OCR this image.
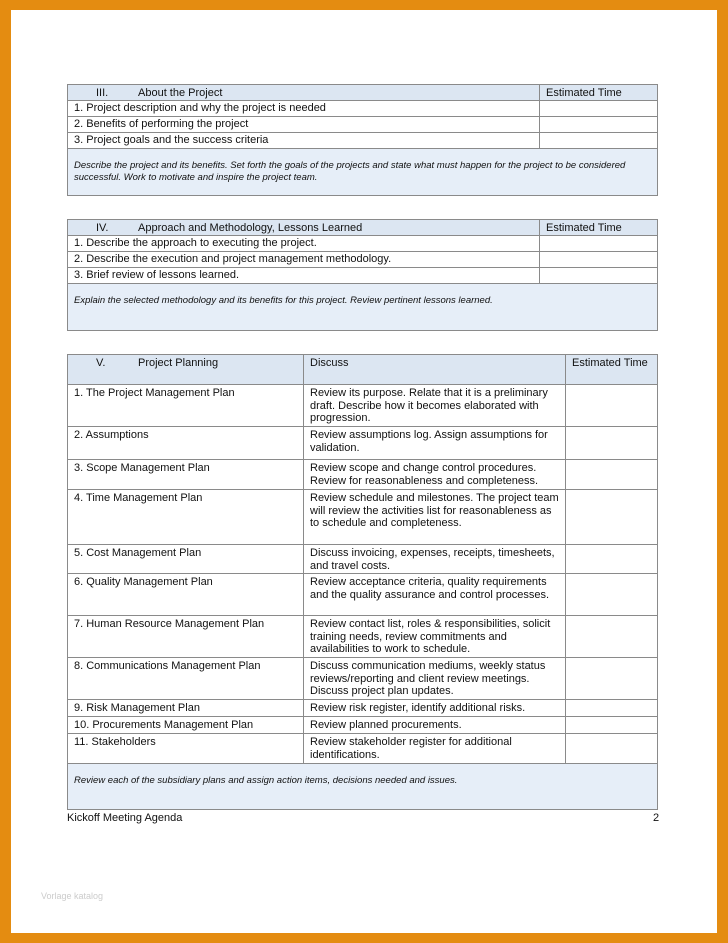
III. About the Project	Estimated Time
1. Project description and why the project is needed	
2. Benefits of performing the project	
3. Project goals and the success criteria	
Describe the project and its benefits. Set forth the goals of the projects and state what must happen for the project to be considered successful. Work to motivate and inspire the project team.	
IV. Approach and Methodology, Lessons Learned	Estimated Time
1. Describe the approach to executing the project.	
2. Describe the execution and project management methodology.	
3. Brief review of lessons learned.	
Explain the selected methodology and its benefits for this project. Review pertinent lessons learned.	
V. Project Planning	Discuss	Estimated Time
1. The Project Management Plan	Review its purpose. Relate that it is a preliminary draft. Describe how it becomes elaborated with progression.	
2. Assumptions	Review assumptions log. Assign assumptions for validation.	
3. Scope Management Plan	Review scope and change control procedures. Review for reasonableness and completeness.	
4. Time Management Plan	Review schedule and milestones. The project team will review the activities list for reasonableness as to schedule and completeness.	
5. Cost Management Plan	Discuss invoicing, expenses, receipts, timesheets, and travel costs.	
6. Quality Management Plan	Review acceptance criteria, quality requirements and the quality assurance and control processes.	
7. Human Resource Management Plan	Review contact list, roles & responsibilities, solicit training needs, review commitments and availabilities to work to schedule.	
8. Communications Management Plan	Discuss communication mediums, weekly status reviews/reporting and client review meetings. Discuss project plan updates.	
9. Risk Management Plan	Review risk register, identify additional risks.	
10. Procurements Management Plan	Review planned procurements.	
11. Stakeholders	Review stakeholder register for additional identifications.	
Review each of the subsidiary plans and assign action items, decisions needed and issues.		
Kickoff Meeting Agenda	2
Vorlage katalog
